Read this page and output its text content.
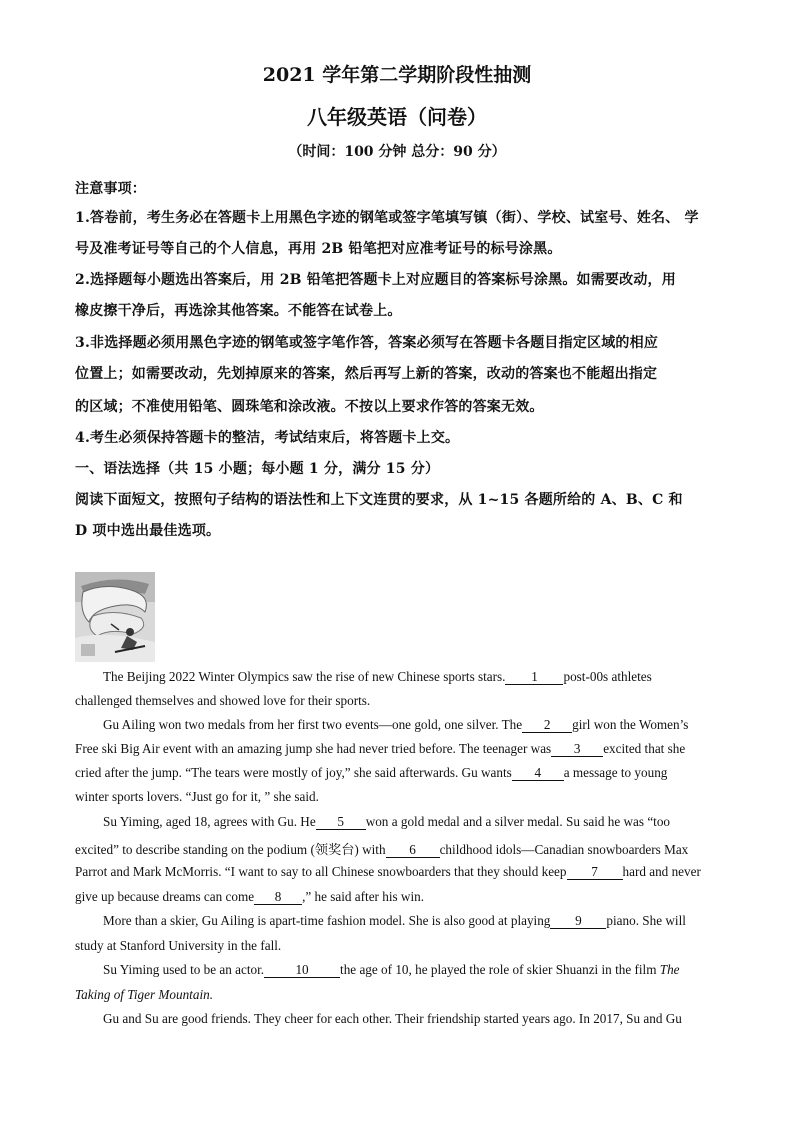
2021 学年第二学期阶段性抽测
八年级英语（问卷）
（时间：100 分钟 总分：90 分）
注意事项：
1.答卷前，考生务必在答题卡上用黑色字迹的钢笔或签字笔填写镇（街）、学校、试室号、姓名、 学
号及准考证号等自己的个人信息，再用 2B 铅笔把对应准考证号的标号涂黑。
2.选择题每小题选出答案后，用 2B 铅笔把答题卡上对应题目的答案标号涂黑。如需要改动，用
橡皮擦干净后，再选涂其他答案。不能答在试卷上。
3.非选择题必须用黑色字迹的钢笔或签字笔作答，答案必须写在答题卡各题目指定区域的相应
位置上；如需要改动，先划掉原来的答案，然后再写上新的答案，改动的答案也不能超出指定
的区域；不准使用铅笔、圆珠笔和涂改液。不按以上要求作答的答案无效。
4.考生必须保持答题卡的整洁，考试结束后，将答题卡上交。
一、语法选择（共 15 小题；每小题 1 分，满分 15 分）
阅读下面短文，按照句子结构的语法性和上下文连贯的要求，从 1~15 各题所给的 A、B、C 和
D 项中选出最佳选项。
The Beijing 2022 Winter Olympics saw the rise of new Chinese sports stars. 1 post-00s athletes
challenged themselves and showed love for their sports.
Gu Ailing won two medals from her first two events—one gold, one silver. The 2 girl won the Women’s
Free ski Big Air event with an amazing jump she had never tried before. The teenager was 3 excited that she
cried after the jump. “The tears were mostly of joy,” she said afterwards. Gu wants 4 a message to young
winter sports lovers. “Just go for it, ” she said.
Su Yiming, aged 18, agrees with Gu. He 5 won a gold medal and a silver medal. Su said he was “too
excited” to describe standing on the podium (领奖台) with 6 childhood idols—Canadian snowboarders Max
Parrot and Mark McMorris. “I want to say to all Chinese snowboarders that they should keep 7 hard and never
give up because dreams can come 8 ,” he said after his win.
More than a skier, Gu Ailing is apart-time fashion model. She is also good at playing 9 piano. She will
study at Stanford University in the fall.
Su Yiming used to be an actor. 10 the age of 10, he played the role of skier Shuanzi in the film The
Taking of Tiger Mountain.
Gu and Su are good friends. They cheer for each other. Their friendship started years ago. In 2017, Su and Gu
